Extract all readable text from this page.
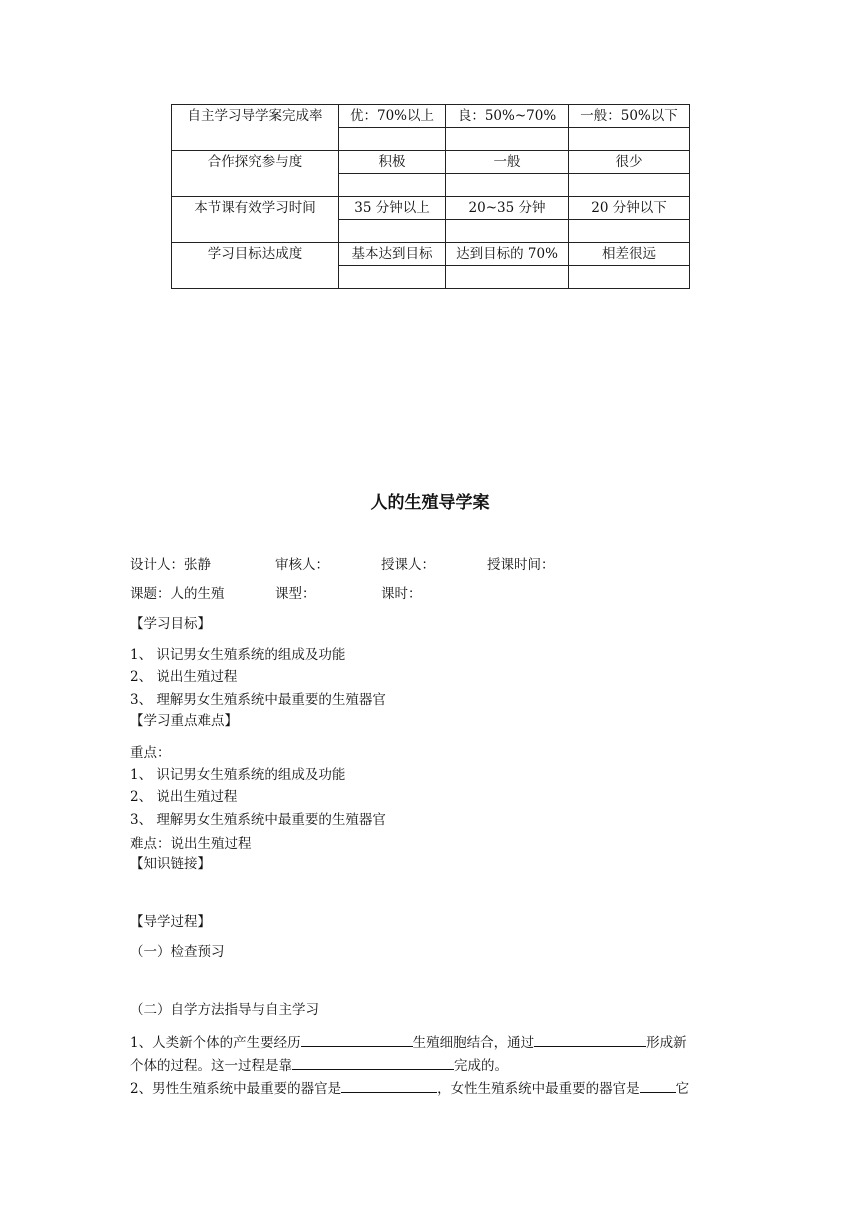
自主学习导学案完成率	优：70%以上	良：50%~70%	一般：50%以下

合作探究参与度	积极	一般	很少

本节课有效学习时间	35 分钟以上	20~35 分钟	20 分钟以下

学习目标达成度	基本达到目标	达到目标的 70%	相差很远

人的生殖导学案
设计人：张静	审核人：	授课人：	授课时间：
课题：人的生殖	课型：	课时：
【学习目标】
1、 识记男女生殖系统的组成及功能
2、 说出生殖过程
3、 理解男女生殖系统中最重要的生殖器官
【学习重点难点】
重点：
1、 识记男女生殖系统的组成及功能
2、 说出生殖过程
3、 理解男女生殖系统中最重要的生殖器官
难点：说出生殖过程
【知识链接】
【导学过程】
（一）检查预习
（二）自学方法指导与自主学习
1、人类新个体的产生要经历	生殖细胞结合，通过	形成新
个体的过程。这一过程是靠	完成的。
2、男性生殖系统中最重要的器官是	，女性生殖系统中最重要的器官是	它
